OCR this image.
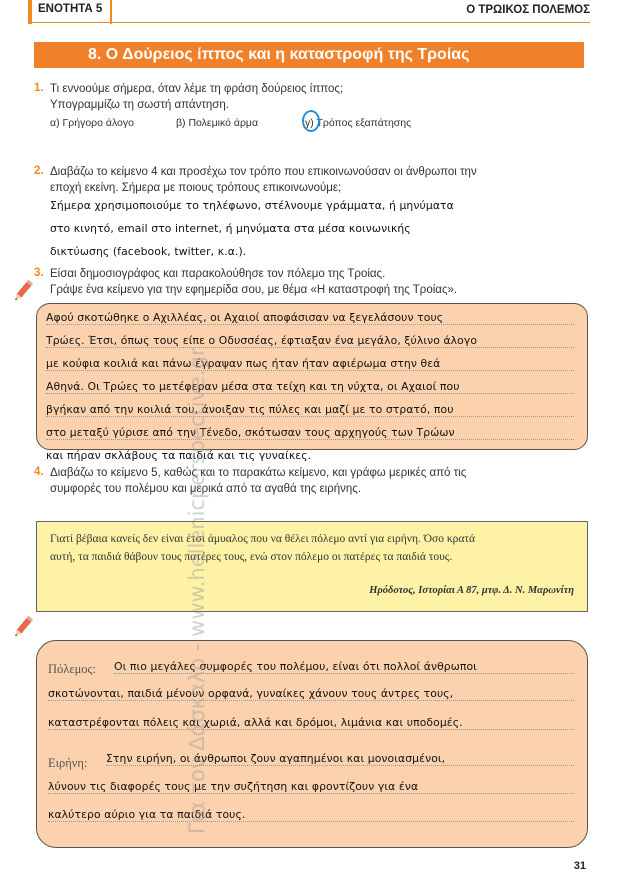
ΕΝΟΤΗΤΑ 5	Ο ΤΡΩΙΚΟΣ ΠΟΛΕΜΟΣ
8. Ο Δούρειος ίππος και η καταστροφή της Τροίας
1. Τι εννοούμε σήμερα, όταν λέμε τη φράση δούρειος ίππος;
Υπογραμμίζω τη σωστή απάντηση.
α) Γρήγορο άλογο	β) Πολεμικό άρμα	γ) Τρόπος εξαπάτησης
2. Διαβάζω το κείμενο 4 και προσέχω τον τρόπο που επικοινωνούσαν οι άνθρωποι την
εποχή εκείνη. Σήμερα με ποιους τρόπους επικοινωνούμε;
Σήμερα χρησιμοποιούμε το τηλέφωνο, στέλνουμε γράμματα, ή μηνύματα
στο κινητό, email στο internet, ή μηνύματα στα μέσα κοινωνικής
δικτύωσης (facebook, twitter, κ.α.).
3. Είσαι δημοσιογράφος και παρακολούθησε τον πόλεμο της Τροίας.
Γράψε ένα κείμενο για την εφημερίδα σου, με θέμα «Η καταστροφή της Τροίας».
Αφού σκοτώθηκε ο Αχιλλέας, οι Αχαιοί αποφάσισαν να ξεγελάσουν τους
Τρώες. Έτσι, όπως τους είπε ο Οδυσσέας, έφτιαξαν ένα μεγάλο, ξύλινο άλογο
με κούφια κοιλιά και πάνω έγραψαν πως ήταν ήταν αφιέρωμα στην θεά
Αθηνά. Οι Τρώες το μετέφεραν μέσα στα τείχη και τη νύχτα, οι Αχαιοί που
βγήκαν από την κοιλιά του, άνοιξαν τις πύλες και μαζί με το στρατό, που
στο μεταξύ γύρισε από την Τένεδο, σκότωσαν τους αρχηγούς των Τρώων
και πήραν σκλάβους τα παιδιά και τις γυναίκες.
4. Διαβάζω το κείμενο 5, καθώς και το παρακάτω κείμενο, και γράφω μερικές από τις
συμφορές του πολέμου και μερικά από τα αγαθά της ειρήνης.
Γιατί βέβαια κανείς δεν είναι έτσι άμυαλος που να θέλει πόλεμο αντί για ειρήνη. Όσο κρατά
αυτή, τα παιδιά θάβουν τους πατέρες τους, ενώ στον πόλεμο οι πατέρες τα παιδιά τους.
Ηρόδοτος, Ιστορίαι Α 87, μτφ. Δ. Ν. Μαρωνίτη
Πόλεμος: Οι πιο μεγάλες συμφορές του πολέμου, είναι ότι πολλοί άνθρωποι
σκοτώνονται, παιδιά μένουν ορφανά, γυναίκες χάνουν τους άντρες τους,
καταστρέφονται πόλεις και χωριά, αλλά και δρόμοι, λιμάνια και υποδομές.
Ειρήνη: Στην ειρήνη, οι άνθρωποι ζουν αγαπημένοι και μονοιασμένοι,
λύνουν τις διαφορές τους με την συζήτηση και φροντίζουν για ένα
καλύτερο αύριο για τα παιδιά τους.
Για τον Δάσκαλο - www.hellenicperspective.gr
31
